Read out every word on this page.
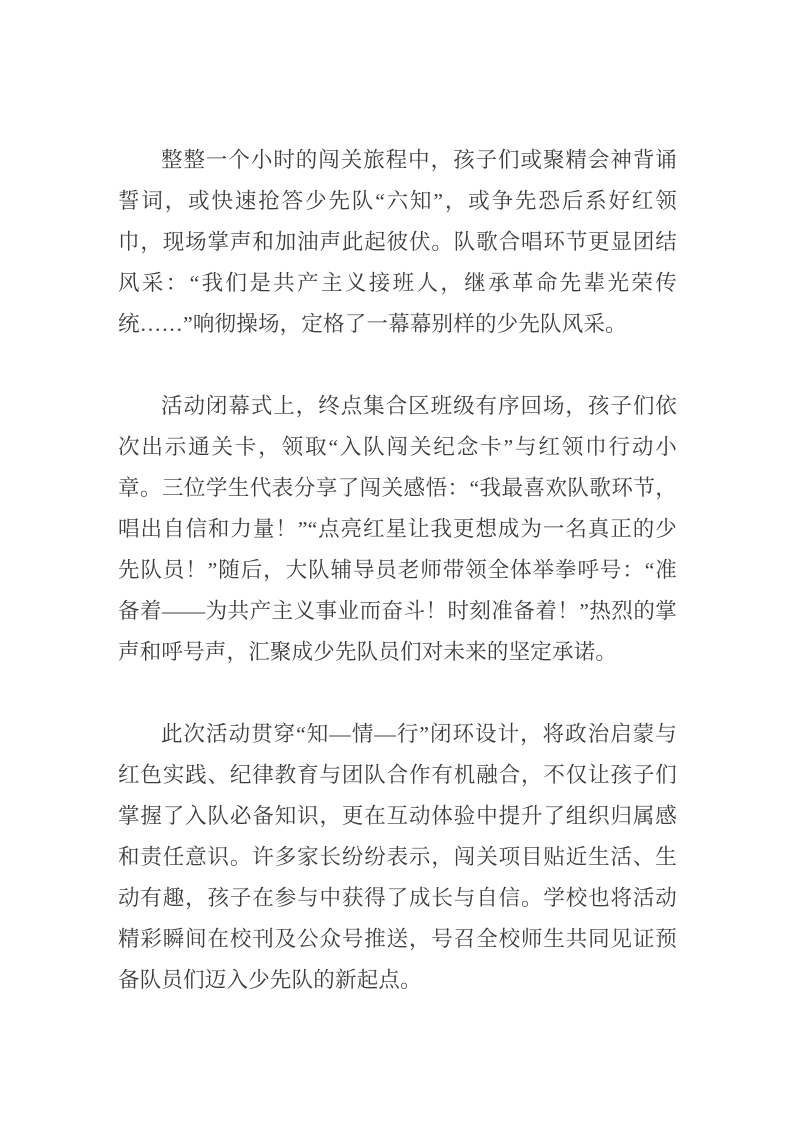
整整一个小时的闯关旅程中，孩子们或聚精会神背诵誓词，或快速抢答少先队“六知”，或争先恐后系好红领巾，现场掌声和加油声此起彼伏。队歌合唱环节更显团结风采：“我们是共产主义接班人，继承革命先辈光荣传统……”响彻操场，定格了一幕幕别样的少先队风采。

活动闭幕式上，终点集合区班级有序回场，孩子们依次出示通关卡，领取“入队闯关纪念卡”与红领巾行动小章。三位学生代表分享了闯关感悟：“我最喜欢队歌环节，唱出自信和力量！”“点亮红星让我更想成为一名真正的少先队员！”随后，大队辅导员老师带领全体举拳呼号：“准备着——为共产主义事业而奋斗！时刻准备着！”热烈的掌声和呼号声，汇聚成少先队员们对未来的坚定承诺。

此次活动贯穿“知—情—行”闭环设计，将政治启蒙与红色实践、纪律教育与团队合作有机融合，不仅让孩子们掌握了入队必备知识，更在互动体验中提升了组织归属感和责任意识。许多家长纷纷表示，闯关项目贴近生活、生动有趣，孩子在参与中获得了成长与自信。学校也将活动精彩瞬间在校刊及公众号推送，号召全校师生共同见证预备队员们迈入少先队的新起点。
